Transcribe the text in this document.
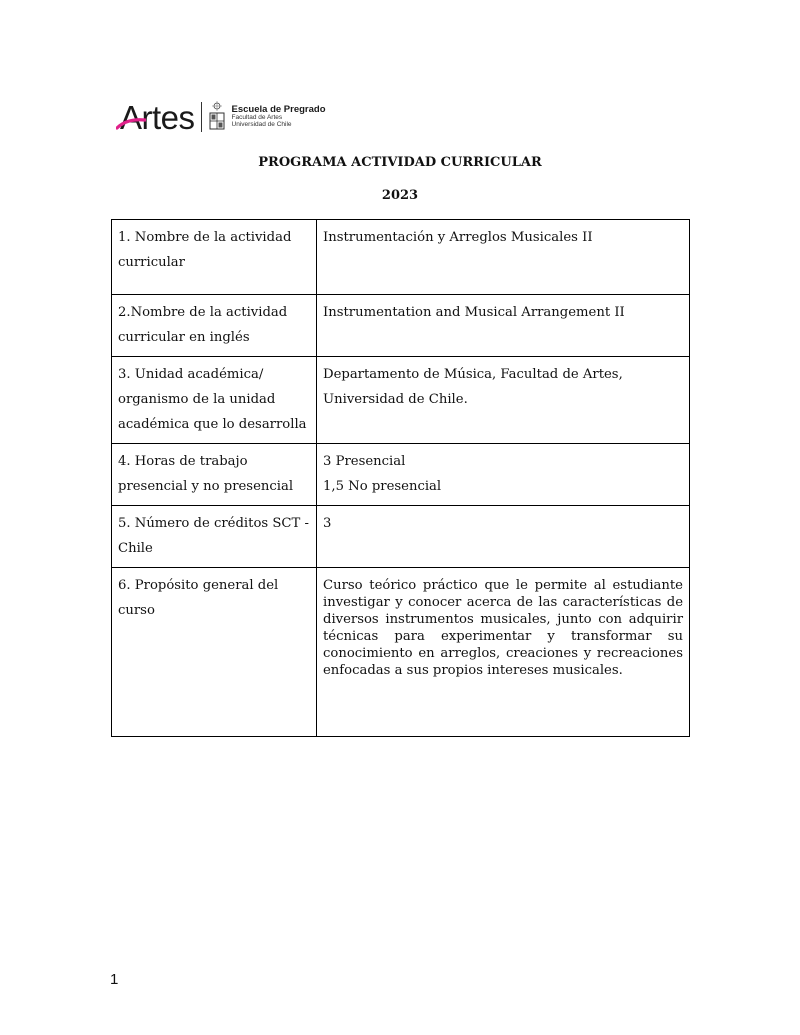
Artes	Escuela de Pregrado
Facultad de Artes
Universidad de Chile
PROGRAMA ACTIVIDAD CURRICULAR
2023
1. Nombre de la actividad curricular	Instrumentación y Arreglos Musicales II

2.Nombre de la actividad curricular en inglés	Instrumentation and Musical Arrangement II

3. Unidad académica/ organismo de la unidad académica que lo desarrolla	Departamento de Música, Facultad de Artes, Universidad de Chile.

4. Horas de trabajo presencial y no presencial	3 Presencial
1,5 No presencial

5. Número de créditos SCT - Chile	3

6. Propósito general del curso	Curso teórico práctico que le permite al estudiante investigar y conocer acerca de las características de diversos instrumentos musicales, junto con adquirir técnicas para experimentar y transformar su conocimiento en arreglos, creaciones y recreaciones enfocadas a sus propios intereses musicales.
1
